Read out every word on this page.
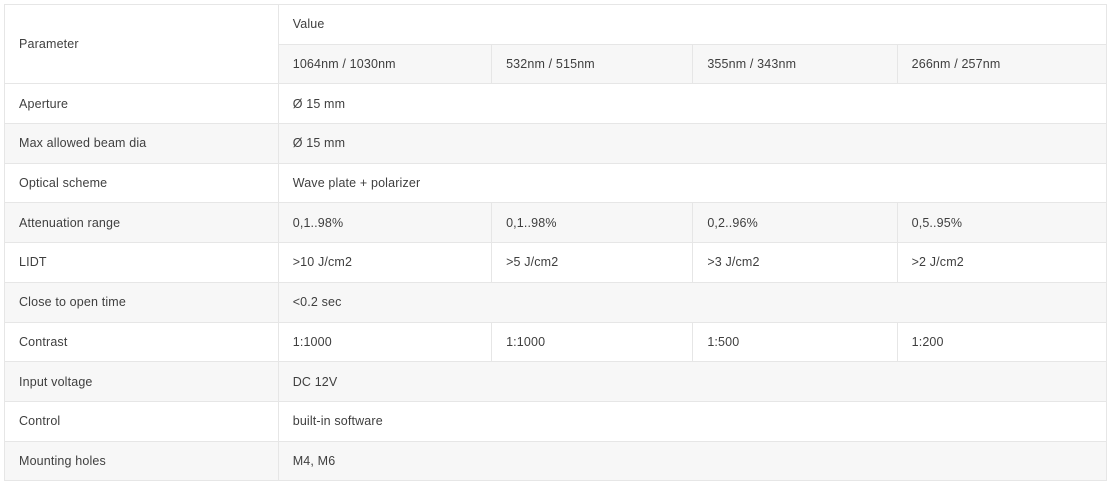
Parameter	Value			
	1064nm / 1030nm	532nm / 515nm	355nm / 343nm	266nm / 257nm
Aperture	Ø 15 mm			
Max allowed beam dia	Ø 15 mm			
Optical scheme	Wave plate + polarizer			
Attenuation range	0,1..98%	0,1..98%	0,2..96%	0,5..95%
LIDT	>10 J/cm2	>5 J/cm2	>3 J/cm2	>2 J/cm2
Close to open time	<0.2 sec			
Contrast	1:1000	1:1000	1:500	1:200
Input voltage	DC 12V			
Control	built-in software			
Mounting holes	M4, M6			
